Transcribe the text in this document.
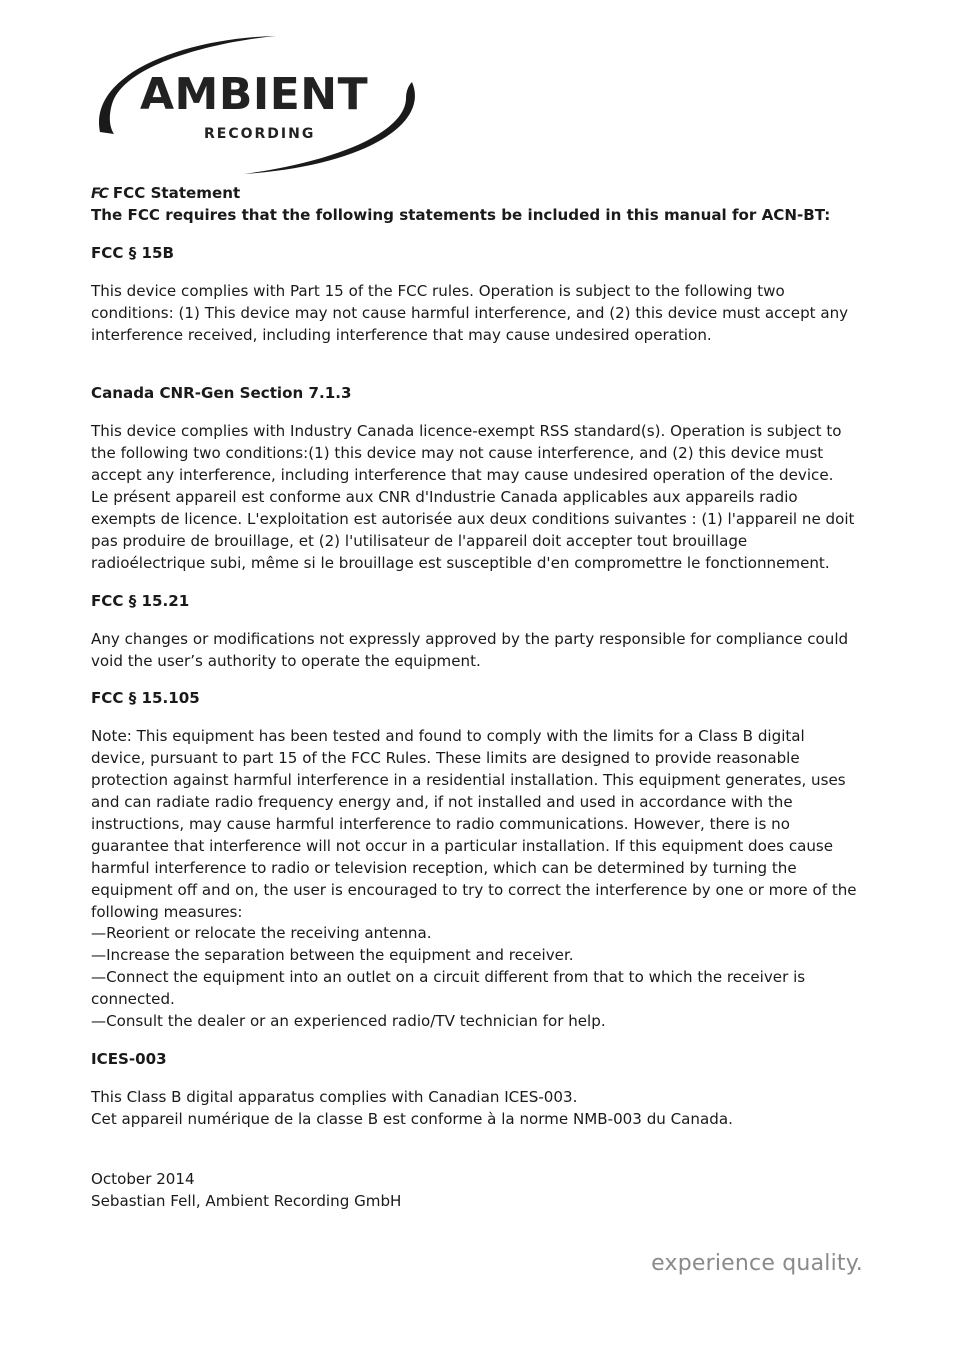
AMBIENT
RECORDING
FC FCC Statement

The FCC requires that the following statements be included in this manual for ACN-BT:

FCC § 15B

This device complies with Part 15 of the FCC rules. Operation is subject to the following two conditions: (1) This device may not cause harmful interference, and (2) this device must accept any interference received, including interference that may cause undesired operation.

Canada CNR-Gen Section 7.1.3

This device complies with Industry Canada licence-exempt RSS standard(s). Operation is subject to the following two conditions:(1) this device may not cause interference, and (2) this device must accept any interference, including interference that may cause undesired operation of the device.

Le présent appareil est conforme aux CNR d'Industrie Canada applicables aux appareils radio exempts de licence. L'exploitation est autorisée aux deux conditions suivantes : (1) l'appareil ne doit pas produire de brouillage, et (2) l'utilisateur de l'appareil doit accepter tout brouillage radioélectrique subi, même si le brouillage est susceptible d'en compromettre le fonctionnement.

FCC § 15.21

Any changes or modifications not expressly approved by the party responsible for compliance could void the user’s authority to operate the equipment.

FCC § 15.105

Note: This equipment has been tested and found to comply with the limits for a Class B digital device, pursuant to part 15 of the FCC Rules. These limits are designed to provide reasonable protection against harmful interference in a residential installation. This equipment generates, uses and can radiate radio frequency energy and, if not installed and used in accordance with the instructions, may cause harmful interference to radio communications. However, there is no guarantee that interference will not occur in a particular installation. If this equipment does cause harmful interference to radio or television reception, which can be determined by turning the equipment off and on, the user is encouraged to try to correct the interference by one or more of the following measures:

—Reorient or relocate the receiving antenna.

—Increase the separation between the equipment and receiver.

—Connect the equipment into an outlet on a circuit different from that to which the receiver is connected.

—Consult the dealer or an experienced radio/TV technician for help.

ICES-003

This Class B digital apparatus complies with Canadian ICES-003.

Cet appareil numérique de la classe B est conforme à la norme NMB-003 du Canada.

October 2014

Sebastian Fell, Ambient Recording GmbH

experience quality.
